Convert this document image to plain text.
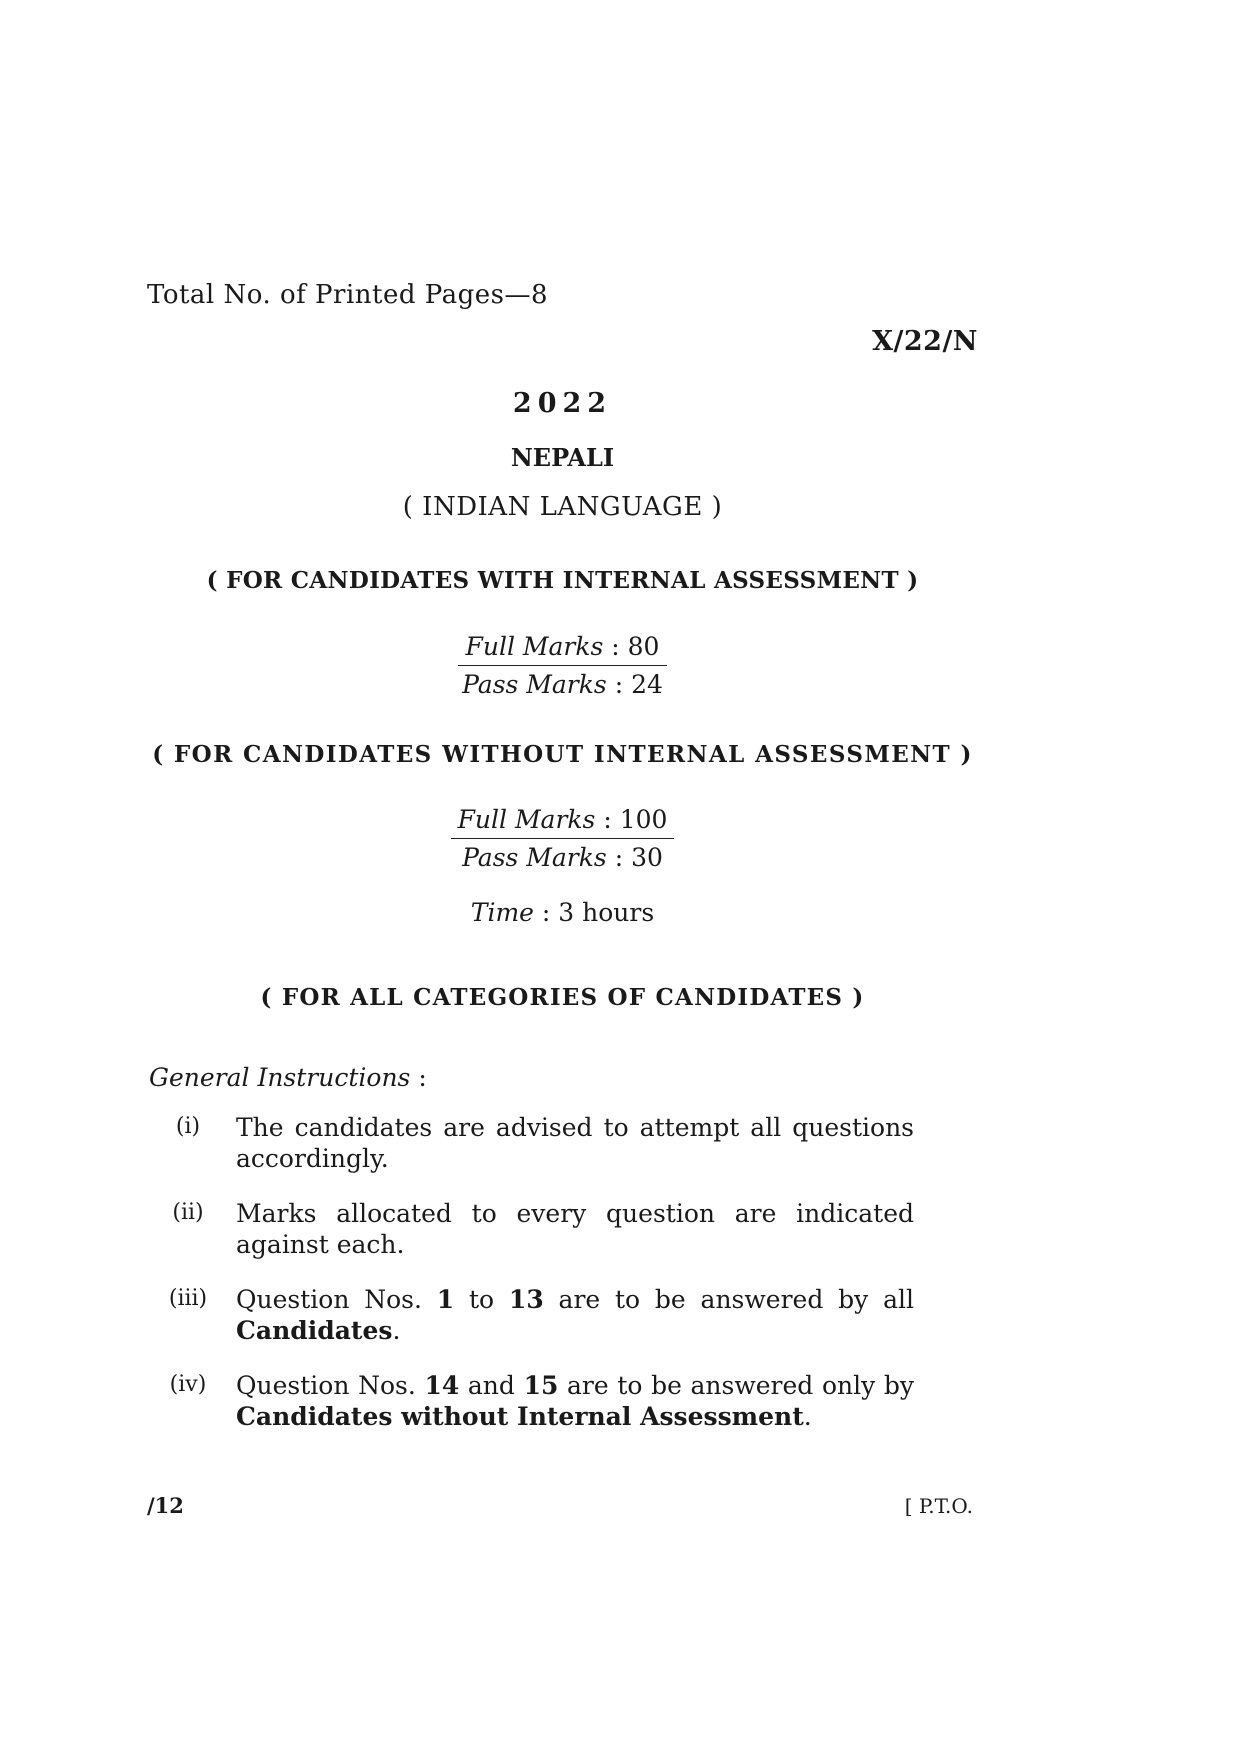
Total No. of Printed Pages—8
X/22/N
2022
NEPALI
( INDIAN LANGUAGE )
( FOR CANDIDATES WITH INTERNAL ASSESSMENT )
$\frac{\text{Full Marks : 80}}{\text{Pass Marks : 24}}$
( FOR CANDIDATES WITHOUT INTERNAL ASSESSMENT )
$\frac{\text{Full Marks : 100}}{\text{Pass Marks : 30}}$
Time : 3 hours
( FOR ALL CATEGORIES OF CANDIDATES )
General Instructions :
(i)	The candidates are advised to attempt all questions accordingly.
(ii)	Marks allocated to every question are indicated against each.
(iii)	Question Nos. 1 to 13 are to be answered by all Candidates.
(iv)	Question Nos. 14 and 15 are to be answered only by Candidates without Internal Assessment.
/12	[ P.T.O.
